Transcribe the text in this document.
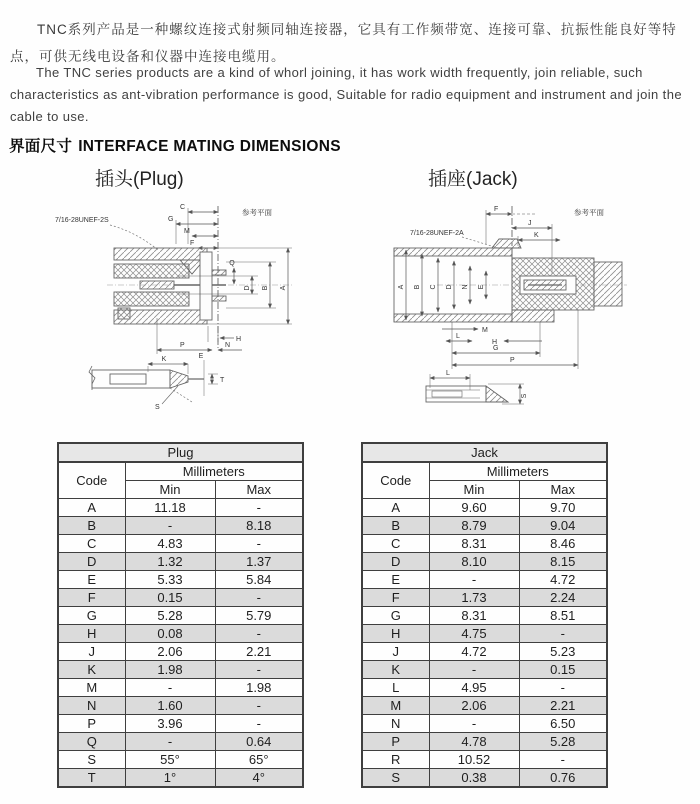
TNC系列产品是一种螺纹连接式射频同轴连接器，它具有工作频带宽、连接可靠、抗振性能良好等特点，可供无线电设备和仪器中连接电缆用。

The TNC series products are a kind of whorl joining, it has work width frequently, join reliable, such characteristics as ant-vibration performance is good, Suitable for radio equipment and instrument and join the cable to use.

界面尺寸 INTERFACE MATING DIMENSIONS
插头(Plug)	插座(Jack)
参考平面
7/16-28UNEF-2S
C
G
M
F
Q
D B A
H
P	N
K	E
T
S
F
J
K
参考平面
7/16-28UNEF-2A
A B C D N E
M
L
H
G
P
L
S
Plug		
Code	Millimeters	
	Min	Max
A	11.18	-
B	-	8.18
C	4.83	-
D	1.32	1.37
E	5.33	5.84
F	0.15	-
G	5.28	5.79
H	0.08	-
J	2.06	2.21
K	1.98	-
M	-	1.98
N	1.60	-
P	3.96	-
Q	-	0.64
S	55°	65°
T	1°	4°
Jack		
Code	Millimeters	
	Min	Max
A	9.60	9.70
B	8.79	9.04
C	8.31	8.46
D	8.10	8.15
E	-	4.72
F	1.73	2.24
G	8.31	8.51
H	4.75	-
J	4.72	5.23
K	-	0.15
L	4.95	-
M	2.06	2.21
N	-	6.50
P	4.78	5.28
R	10.52	-
S	0.38	0.76
